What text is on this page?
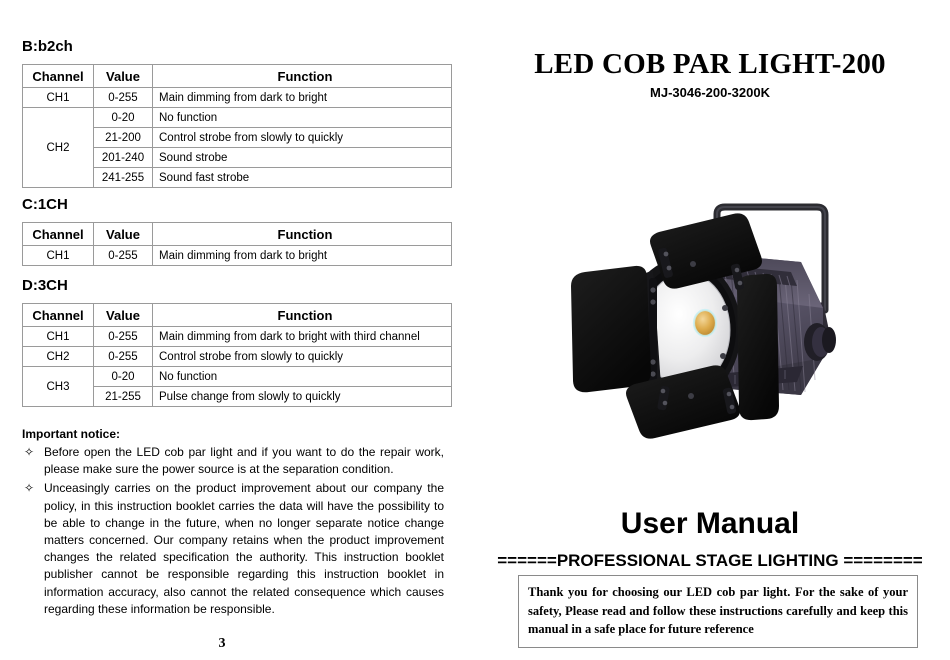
B:b2ch
Channel	Value	Function
CH1	0-255	Main dimming from dark to bright
CH2	0-20	No function
	21-200	Control strobe from slowly to quickly
	201-240	Sound strobe
	241-255	Sound fast strobe
C:1CH
Channel	Value	Function
CH1	0-255	Main dimming from dark to bright
D:3CH
Channel	Value	Function
CH1	0-255	Main dimming from dark to bright with third channel
CH2	0-255	Control strobe from slowly to quickly
CH3	0-20	No function
	21-255	Pulse change from slowly to quickly
Important notice:
✧ Before open the LED cob par light and if you want to do the repair work, please make sure the power source is at the separation condition.
✧ Unceasingly carries on the product improvement about our company the policy, in this instruction booklet carries the data will have the possibility to be able to change in the future, when no longer separate notice change matters concerned. Our company retains when the product improvement changes the related specification the authority. This instruction booklet publisher cannot be responsible regarding this instruction booklet in information accuracy, also cannot the related consequence which causes regarding these information be responsible.
3
LED COB PAR LIGHT-200
MJ-3046-200-3200K
User Manual
======PROFESSIONAL STAGE LIGHTING ========
Thank you for choosing our LED cob par light. For the sake of your safety, Please read and follow these instructions carefully and keep this manual in a safe place for future reference
